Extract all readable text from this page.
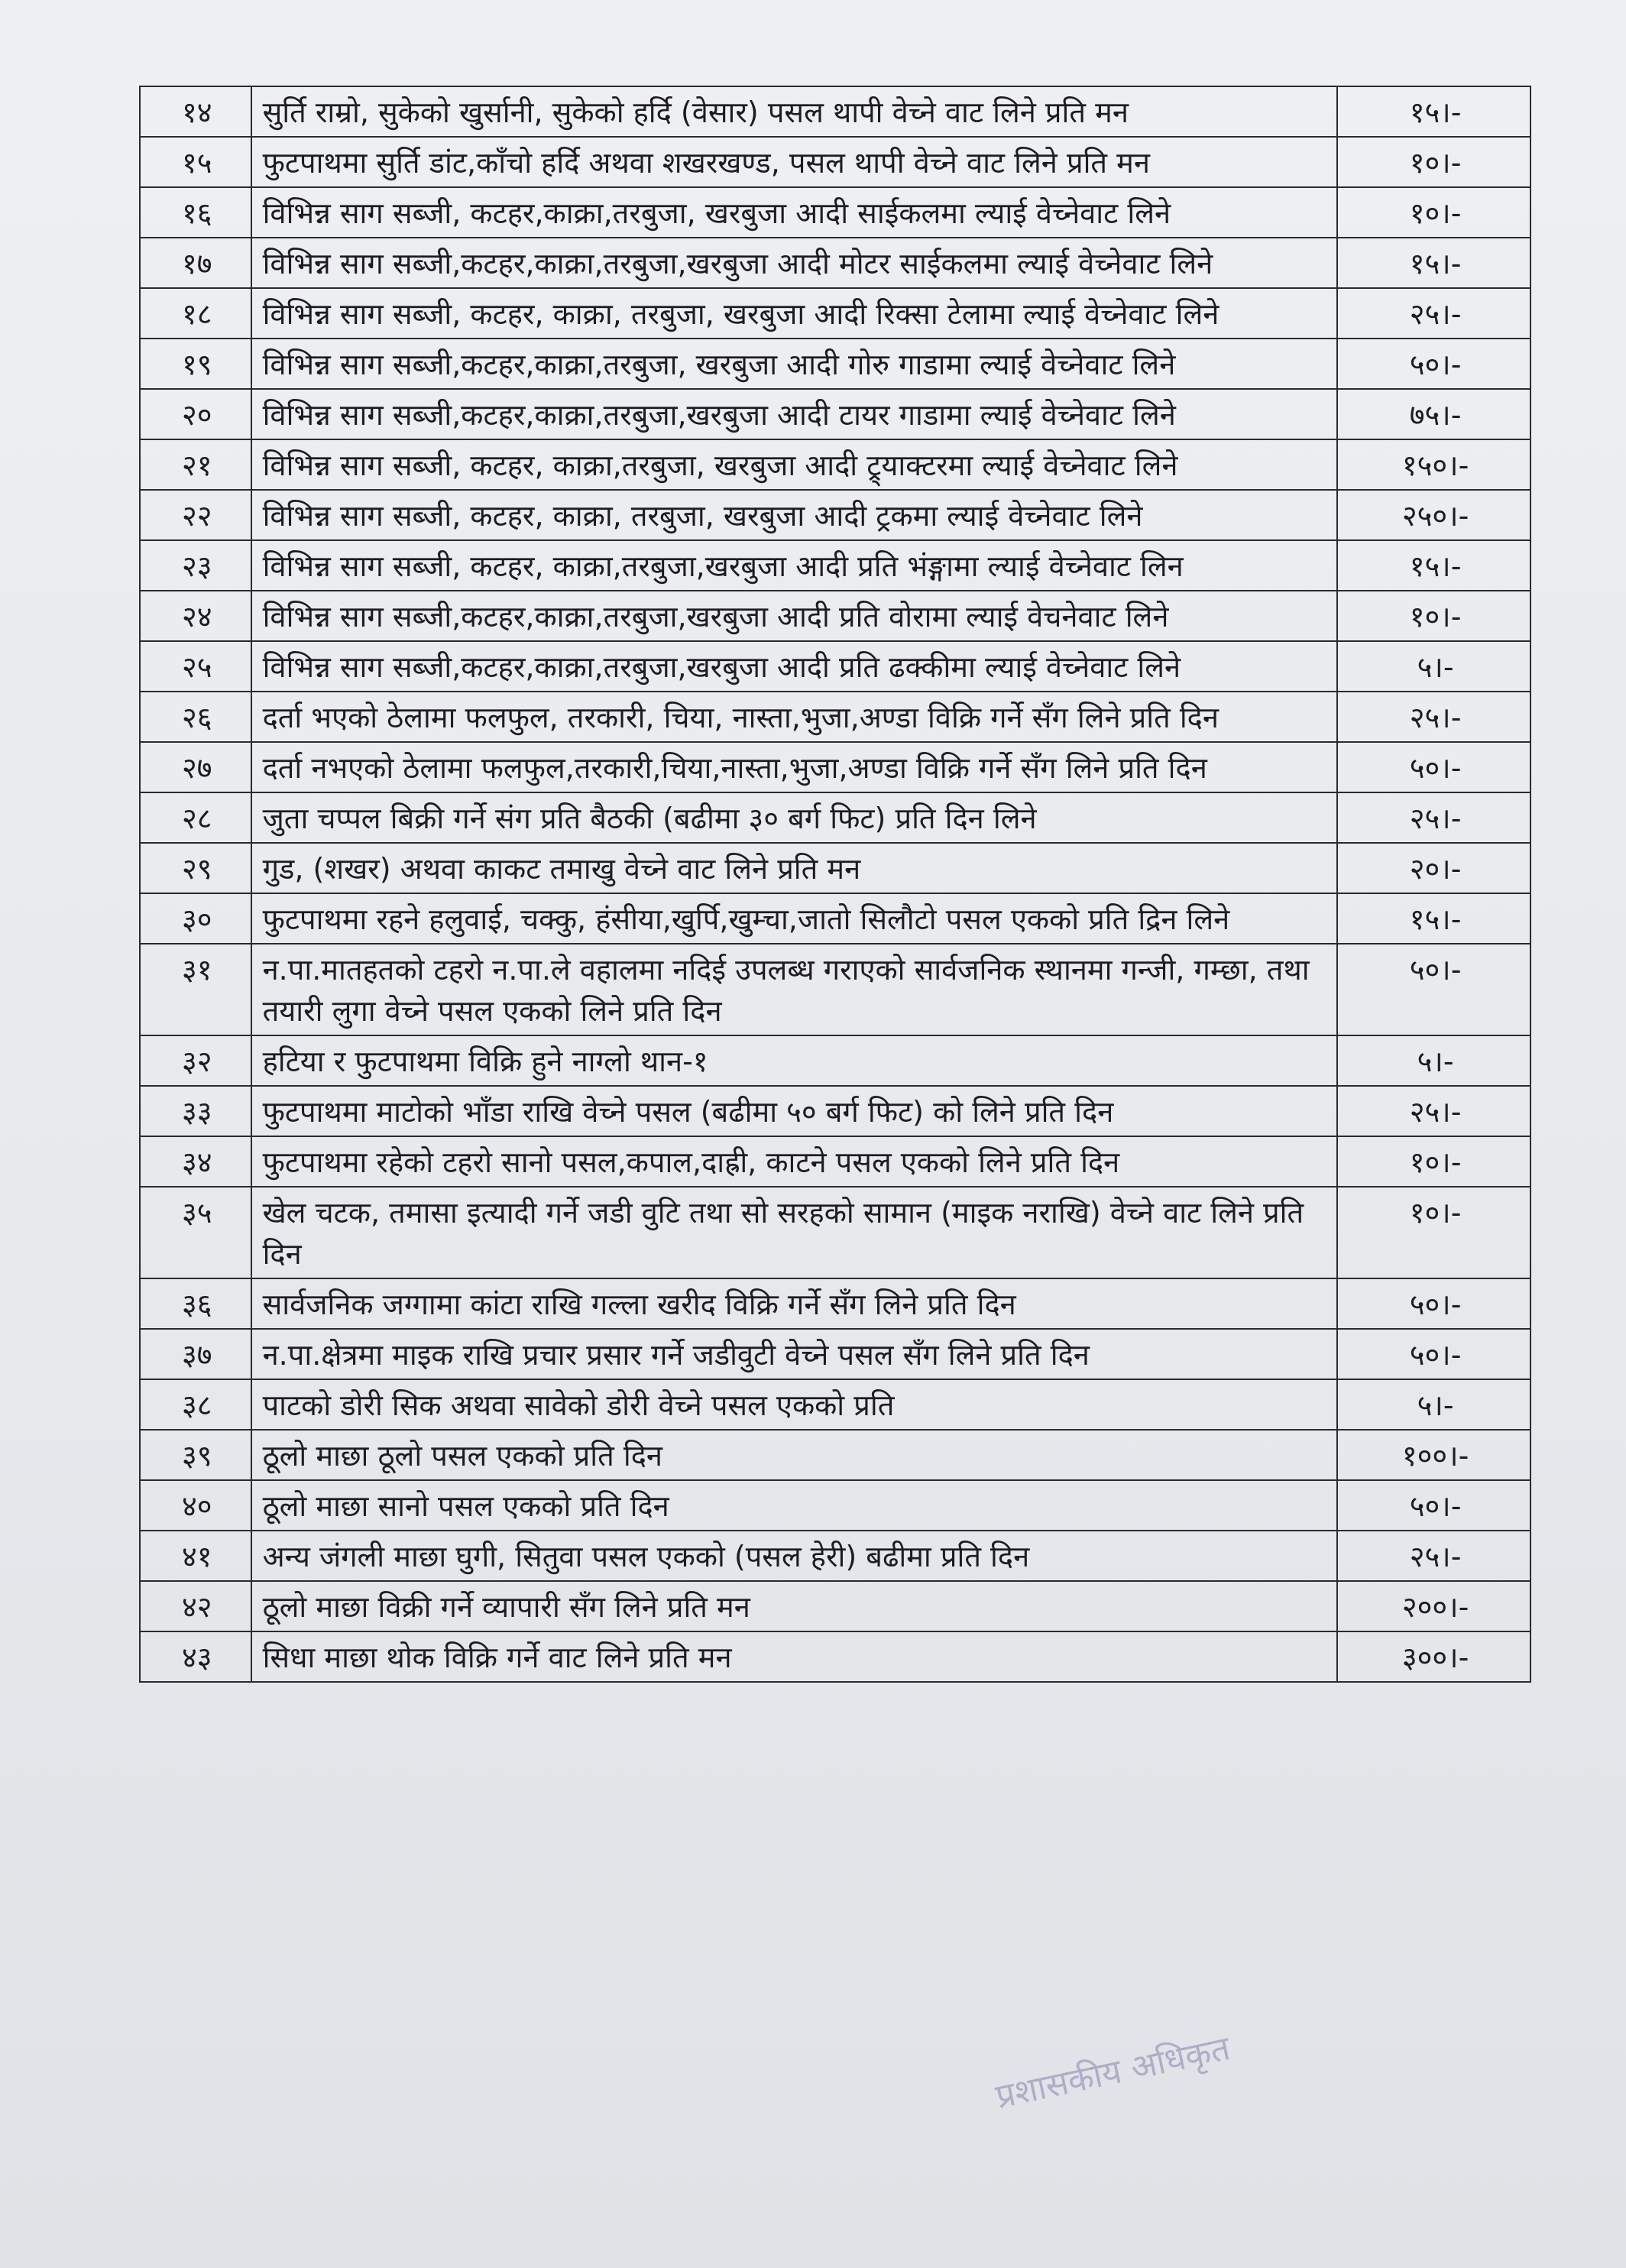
१४	सुर्ति राम्रो, सुकेको खुर्सानी, सुकेको हर्दि (वेसार) पसल थापी वेच्ने वाट लिने प्रति मन	१५।-
१५	फुटपाथमा सुर्ति डांट,काँचो हर्दि अथवा शखरखण्ड, पसल थापी वेच्ने वाट लिने प्रति मन	१०।-
१६	विभिन्न साग सब्जी, कटहर,काक्रा,तरबुजा, खरबुजा आदी साईकलमा ल्याई वेच्नेवाट लिने	१०।-
१७	विभिन्न साग सब्जी,कटहर,काक्रा,तरबुजा,खरबुजा आदी मोटर साईकलमा ल्याई वेच्नेवाट लिने	१५।-
१८	विभिन्न साग सब्जी, कटहर, काक्रा, तरबुजा, खरबुजा आदी रिक्सा टेलामा ल्याई वेच्नेवाट लिने	२५।-
१९	विभिन्न साग सब्जी,कटहर,काक्रा,तरबुजा, खरबुजा आदी गोरु गाडामा ल्याई वेच्नेवाट लिने	५०।-
२०	विभिन्न साग सब्जी,कटहर,काक्रा,तरबुजा,खरबुजा आदी टायर गाडामा ल्याई वेच्नेवाट लिने	७५।-
२१	विभिन्न साग सब्जी, कटहर, काक्रा,तरबुजा, खरबुजा आदी ट्र्याक्टरमा ल्याई वेच्नेवाट लिने	१५०।-
२२	विभिन्न साग सब्जी, कटहर, काक्रा, तरबुजा, खरबुजा आदी ट्रकमा ल्याई वेच्नेवाट लिने	२५०।-
२३	विभिन्न साग सब्जी, कटहर, काक्रा,तरबुजा,खरबुजा आदी प्रति भंङ्गामा ल्याई वेच्नेवाट लिन	१५।-
२४	विभिन्न साग सब्जी,कटहर,काक्रा,तरबुजा,खरबुजा आदी प्रति वोरामा ल्याई वेचनेवाट लिने	१०।-
२५	विभिन्न साग सब्जी,कटहर,काक्रा,तरबुजा,खरबुजा आदी प्रति ढक्कीमा ल्याई वेच्नेवाट लिने	५।-
२६	दर्ता भएको ठेलामा फलफुल, तरकारी, चिया, नास्ता,भुजा,अण्डा विक्रि गर्ने सँग लिने प्रति दिन	२५।-
२७	दर्ता नभएको ठेलामा फलफुल,तरकारी,चिया,नास्ता,भुजा,अण्डा विक्रि गर्ने सँग लिने प्रति दिन	५०।-
२८	जुता चप्पल बिक्री गर्ने संग प्रति बैठकी (बढीमा ३० बर्ग फिट) प्रति दिन लिने	२५।-
२९	गुड, (शखर) अथवा काकट तमाखु वेच्ने वाट लिने प्रति मन	२०।-
३०	फुटपाथमा रहने हलुवाई, चक्कु, हंसीया,खुर्पि,खुम्चा,जातो सिलौटो पसल एकको प्रति द्रिन लिने	१५।-
३१	न.पा.मातहतको टहरो न.पा.ले वहालमा नदिई उपलब्ध गराएको सार्वजनिक स्थानमा गन्जी, गम्छा, तथा तयारी लुगा वेच्ने पसल एकको लिने प्रति दिन	५०।-
३२	हटिया र फुटपाथमा विक्रि हुने नाग्लो थान-१	५।-
३३	फुटपाथमा माटोको भाँडा राखि वेच्ने पसल (बढीमा ५० बर्ग फिट) को लिने प्रति दिन	२५।-
३४	फुटपाथमा रहेको टहरो सानो पसल,कपाल,दाह्री, काटने पसल एकको लिने प्रति दिन	१०।-
३५	खेल चटक, तमासा इत्यादी गर्ने जडी वुटि तथा सो सरहको सामान (माइक नराखि) वेच्ने वाट लिने प्रति दिन	१०।-
३६	सार्वजनिक जग्गामा कांटा राखि गल्ला खरीद विक्रि गर्ने सँग लिने प्रति दिन	५०।-
३७	न.पा.क्षेत्रमा माइक राखि प्रचार प्रसार गर्ने जडीवुटी वेच्ने पसल सँग लिने प्रति दिन	५०।-
३८	पाटको डोरी सिक अथवा सावेको डोरी वेच्ने पसल एकको प्रति	५।-
३९	ठूलो माछा ठूलो पसल एकको प्रति दिन	१००।-
४०	ठूलो माछा सानो पसल एकको प्रति दिन	५०।-
४१	अन्य जंगली माछा घुगी, सितुवा पसल एकको (पसल हेरी) बढीमा प्रति दिन	२५।-
४२	ठूलो माछा विक्री गर्ने व्यापारी सँग लिने प्रति मन	२००।-
४३	सिधा माछा थोक विक्रि गर्ने वाट लिने प्रति मन	३००।-
प्रशासकीय अधिकृत
